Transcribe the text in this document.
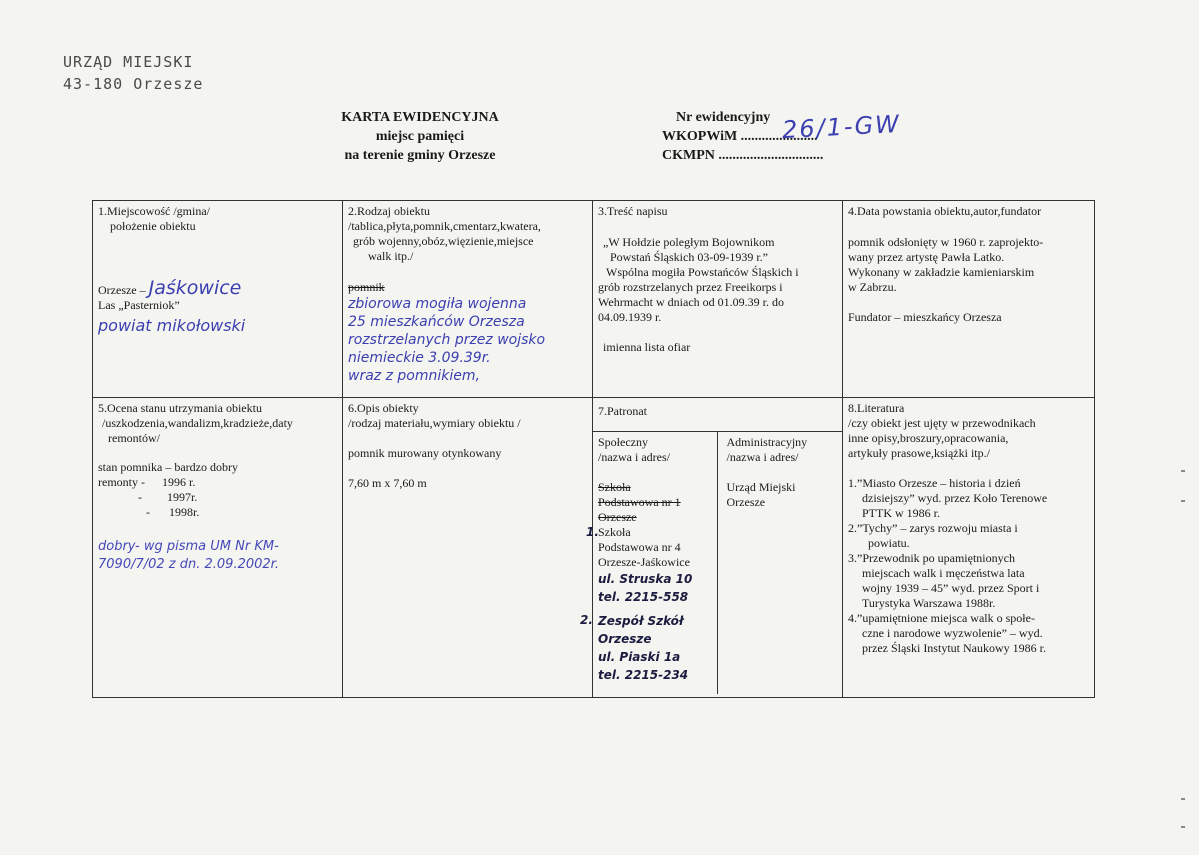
URZĄD MIEJSKI
43-180 Orzesze
KARTA EWIDENCYJNA
miejsc pamięci
na terenie gminy Orzesze
Nr ewidencyjny
WKOPWiM ......................
CKMPN ..............................
26/1-GW
1.Miejscowość /gmina/
położenie obiektu
Orzesze – Jaśkowice
Las „Pasterniok”
powiat mikołowski

2.Rodzaj obiektu
/tablica,płyta,pomnik,cmentarz,kwatera,
grób wojenny,obóz,więzienie,miejsce
walk itp./
pomnik
zbiorowa mogiła wojenna
25 mieszkańców Orzesza
rozstrzelanych przez wojsko
niemieckie 3.09.39r.
wraz z pomnikiem,

3.Treść napisu
„W Hołdzie poległym Bojownikom
Powstań Śląskich 03-09-1939 r.”
Wspólna mogiła Powstańców Śląskich i
grób rozstrzelanych przez Freeikorps i
Wehrmacht w dniach od 01.09.39 r. do
04.09.1939 r.
imienna lista ofiar

4.Data powstania obiektu,autor,fundator
pomnik odsłonięty w 1960 r. zaprojekto-
wany przez artystę Pawła Latko.
Wykonany w zakładzie kamieniarskim
w Zabrzu.
Fundator – mieszkańcy Orzesza

5.Ocena stanu utrzymania obiektu
/uszkodzenia,wandalizm,kradzieże,daty
remontów/
stan pomnika – bardzo dobry
remonty - 1996 r.
- 1997r.
- 1998r.
dobry- wg pisma UM Nr KM-
7090/7/02 z dn. 2.09.2002r.

6.Opis obiekty
/rodzaj materiału,wymiary obiektu /
pomnik murowany otynkowany
7,60 m x 7,60 m

7.Patronat
Społeczny
/nazwa i adres/
Szkoła
Podstawowa nr 1
Orzesze
1. Szkoła
Podstawowa nr 4
Orzesze-Jaśkowice
ul. Struska 10
tel. 2215-558
2. Zespół Szkół
Orzesze
ul. Piaski 1a
tel. 2215-234

Administracyjny
/nazwa i adres/
Urząd Miejski
Orzesze

8.Literatura
/czy obiekt jest ujęty w przewodnikach
inne opisy,broszury,opracowania,
artykuły prasowe,książki itp./
1.”Miasto Orzesze – historia i dzień
dzisiejszy” wyd. przez Koło Terenowe
PTTK w 1986 r.
2.”Tychy” – zarys rozwoju miasta i
powiatu.
3.”Przewodnik po upamiętnionych
miejscach walk i męczeństwa lata
wojny 1939 – 45” wyd. przez Sport i
Turystyka Warszawa 1988r.
4.”upamiętnione miejsca walk o społe-
czne i narodowe wyzwolenie” – wyd.
przez Śląski Instytut Naukowy 1986 r.
